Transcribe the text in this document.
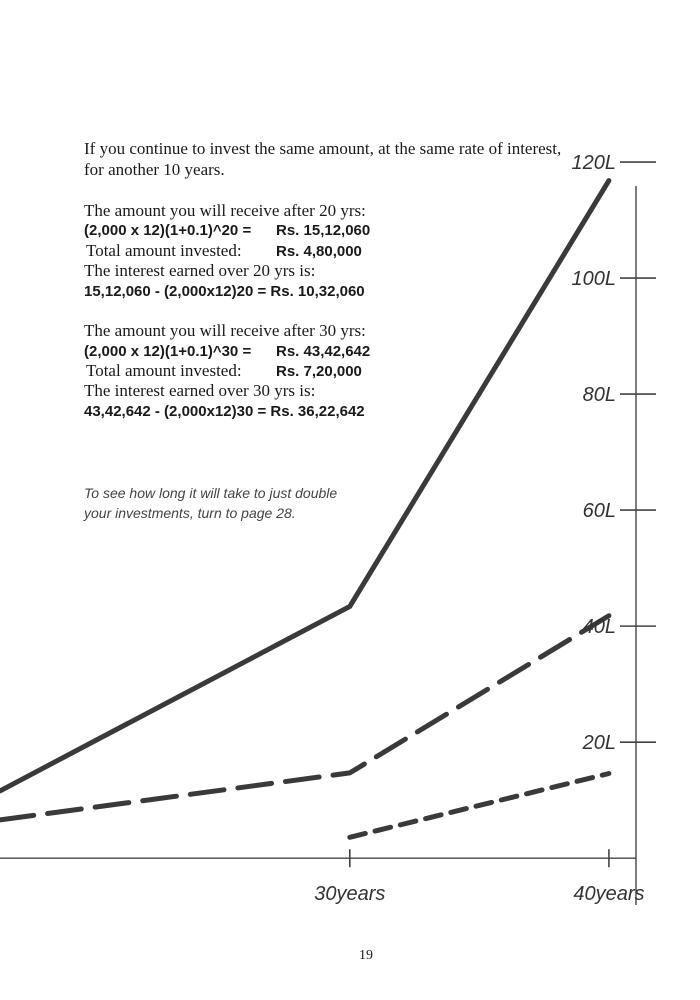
If you continue to invest the same amount, at the same rate of interest,
for another 10 years.
The amount you will receive after 20 yrs:
(2,000 x 12)(1+0.1)^20 = Rs. 15,12,060
Total amount invested: Rs. 4,80,000
The interest earned over 20 yrs is:
15,12,060 - (2,000x12)20 = Rs. 10,32,060
The amount you will receive after 30 yrs:
(2,000 x 12)(1+0.1)^30 = Rs. 43,42,642
Total amount invested: Rs. 7,20,000
The interest earned over 30 yrs is:
43,42,642 - (2,000x12)30 = Rs. 36,22,642
To see how long it will take to just double
your investments, turn to page 28.
20L
40L
60L
80L
100L
120L
30years	40years
19
